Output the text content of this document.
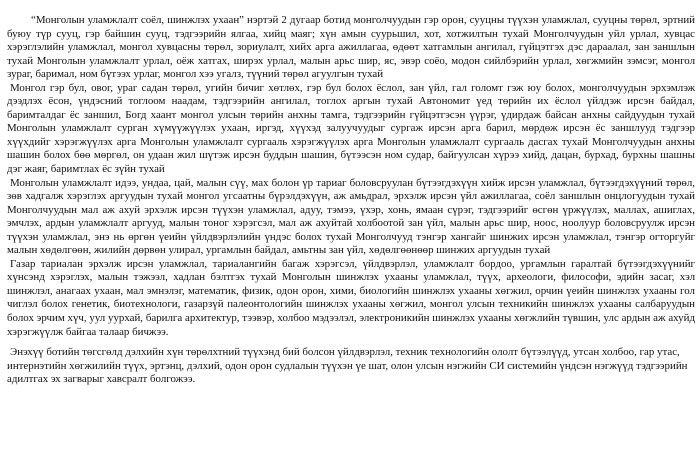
“Монголын уламжлалт соёл, шинжлэх ухаан” нэртэй 2 дугаар ботид монголчуудын гэр орон, сууцны түүхэн уламжлал, сууцны төрөл, эртний буюу түр сууц, гэр байшин сууц, тэдгээрийн ялгаа, хийц маяг; хүн амын суурьшил, хот, хотжилтын тухай Монголчуудын уйл урлал, хувцас хэрэглэлийн уламжлал, монгол хувцасны төрөл, зориулалт, хийх арга ажиллагаа, өдөөт хатгамлын ангилал, гүйцэтгэх дэс дараалал, зан заншлын тухай Монголын уламжлалт урлал, оёж хатгах, ширэх урлал, малын арьс шир, яс, эвэр соёо, модон сийлбэрийн урлал, хөгжмийн зэмсэг, монгол зураг, баримал, ном бүтээх урлаг, монгол хээ угалз, түүний төрөл агуулгын тухай

Монгол гэр бул, овог, ураг садан төрөл, угийн бичиг хөтлөх, гэр бул болох ёслол, зан үйл, гал голомт гэж юу болох, монголчуудын эрхэмлэж дээдлэх ёсон, үндэсний тоглоом наадам, тэдгээрийн ангилал, тоглох аргын тухай Автономит үед төрийн их ёслол үйлдэж ирсэн байдал, баримталдаг ёс заншил, Богд хаант монгол улсын төрийн анхны тамга, тэдгээрийн гүйцэтгэсэн үүрэг, үдирдаж байсан анхны сайдуудын тухай Монголын уламжлалт сурган хүмүүжүүлэх ухаан, иргэд, хүүхэд залуучуудыг сургаж ирсэн арга барил, мөрдөж ирсэн ёс заншлууд тэдгээр хүүхдийг хэрэгжүүлэх арга Монголын уламжлалт сургааль хэрэгжүүлэх арга Монголын уламжлалт сургааль дасгах тухай Монголчуудын анхны шашин болох бөө мөргөл, он удаан жил шүтэж ирсэн буддын шашин, бүтээсэн ном судар, байгуулсан хүрээ хийд, дацан, бурхад, бурхны шашны дэг жаяг, баримтлах ёс зүйн тухай

Монголын уламжлалт идээ, ундаа, цай, малын сүү, мах болон үр тариаг боловсруулан бүтээгдэхүүн хийж ирсэн уламжлал, бүтээгдэхүүний төрөл, зөв хадгалж хэрэглэх аргуудын тухай монгол угсаатны бүрэлдэхүүн, аж амьдрал, эрхэлж ирсэн үйл ажиллагаа, соёл заншлын онцлогуудын тухай Монголчуудын мал аж ахуй эрхэлж ирсэн түүхэн уламжлал, адуу, тэмээ, үхэр, хонь, ямаан сүрэг, тэдгээрийг өсгөн үржүүлэх, маллах, ашиглах, эмчлэх, ардын уламжлалт аргууд, малын тоног хэрэгсэл, мал аж ахуйтай холбоотой зан үйл, малын арьс шир, ноос, ноолуур боловсруулж ирсэн түүхэн уламжлал, энэ нь өргөн үеийн үйлдвэрлэлийн үндэс болох тухай Монголчууд тэнгэр хангайг шинжих ирсэн уламжлал, тэнгэр огторгуйг малын хөдөлгөөн, жилийн дөрвөн улирал, ургамлын байдал, амьтны зан үйл, хөдөлгөөнөөр шинжих аргуудын тухай

Газар тариалан эрхэлж ирсэн уламжлал, тариалангийн багаж хэрэгсэл, үйлдвэрлэл, уламжлалт бордоо, ургамлын гаралтай бүтээгдэхүүнийг хүнсэнд хэрэглэх, малын тэжээл, хадлан бэлтгэх тухай Монголын шинжлэх ухааны уламжлал, түүх, археологи, философи, эдийн засаг, хэл шинжлэл, анагаах ухаан, мал эмнэлэг, математик, физик, одон орон, хими, биологийн шинжлэх ухааны хөгжил, орчин үеийн шинжлэх ухааны гол чиглэл болох генетик, биотехнологи, газарзүй палеонтологийн шинжлэх ухааны хөгжил, монгол улсын техникийн шинжлэх ухааны салбаруудын болох эрчим хүч, уул уурхай, барилга архитектур, тээвэр, холбоо мэдээлэл, электроникийн шинжлэх ухааны хөгжлийн түвшин, улс ардын аж ахуйд хэрэгжүүлж байгаа талаар бичжээ.

Энэхүү ботийн төгсгөлд дэлхийн хүн төрөлхтний түүхэнд бий болсон үйлдвэрлэл, техник технологийн ололт бүтээлүүд, утсан холбоо, гар утас, интернэтийн хөгжилийн түүх, эртэнц, дэлхий, одон орон судлалын түүхэн үе шат, олон улсын нэгжийн СИ системийн үндсэн нэгжүүд тэдгээрийн адилтгах эх загварыг хавсралт болгожээ.
